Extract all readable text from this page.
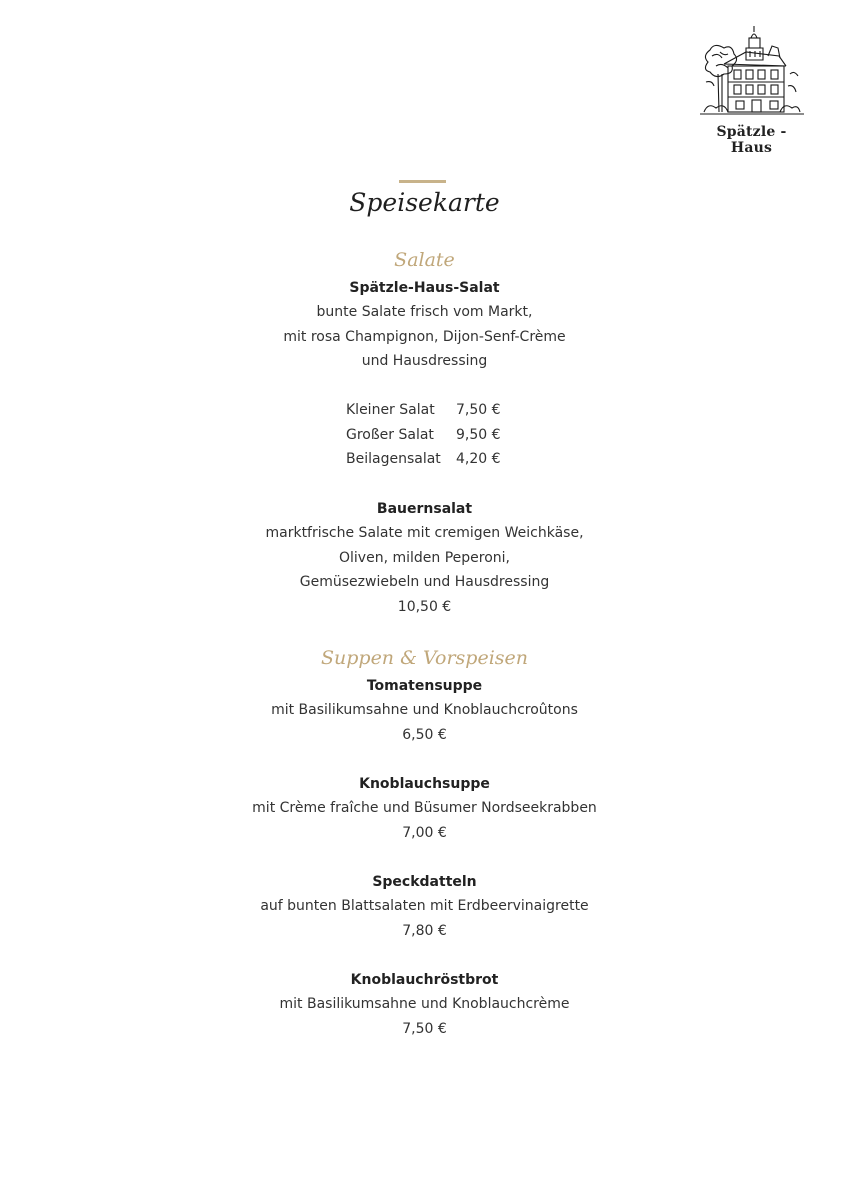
Spätzle - Haus
Speisekarte
Salate
Spätzle-Haus-Salat
bunte Salate frisch vom Markt,
mit rosa Champignon, Dijon-Senf-Crème
und Hausdressing
Kleiner Salat 7,50 €
Großer Salat 9,50 €
Beilagensalat 4,20 €
Bauernsalat
marktfrische Salate mit cremigen Weichkäse,
Oliven, milden Peperoni,
Gemüsezwiebeln und Hausdressing
10,50 €
Suppen & Vorspeisen
Tomatensuppe
mit Basilikumsahne und Knoblauchcroûtons
6,50 €
Knoblauchsuppe
mit Crème fraîche und Büsumer Nordseekrabben
7,00 €
Speckdatteln
auf bunten Blattsalaten mit Erdbeervinaigrette
7,80 €
Knoblauchröstbrot
mit Basilikumsahne und Knoblauchcrème
7,50 €
